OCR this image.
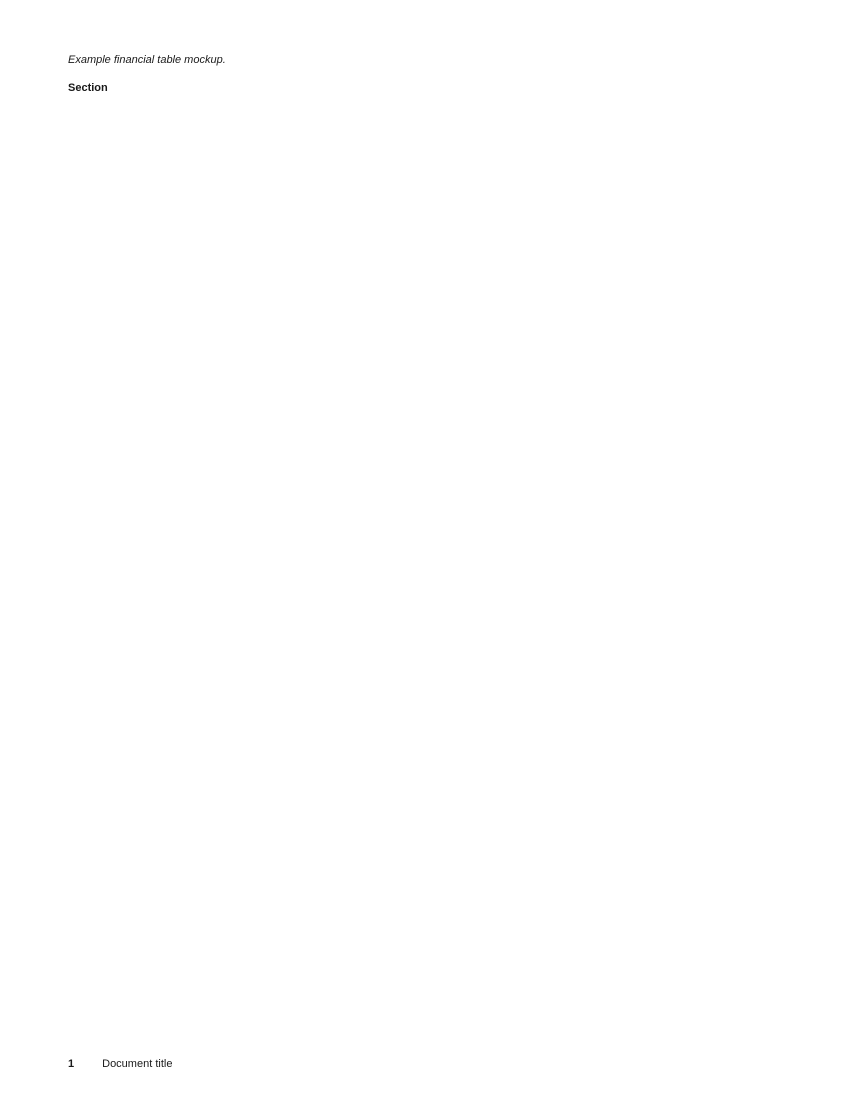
Example financial table mockup.

Section
1	Document title
